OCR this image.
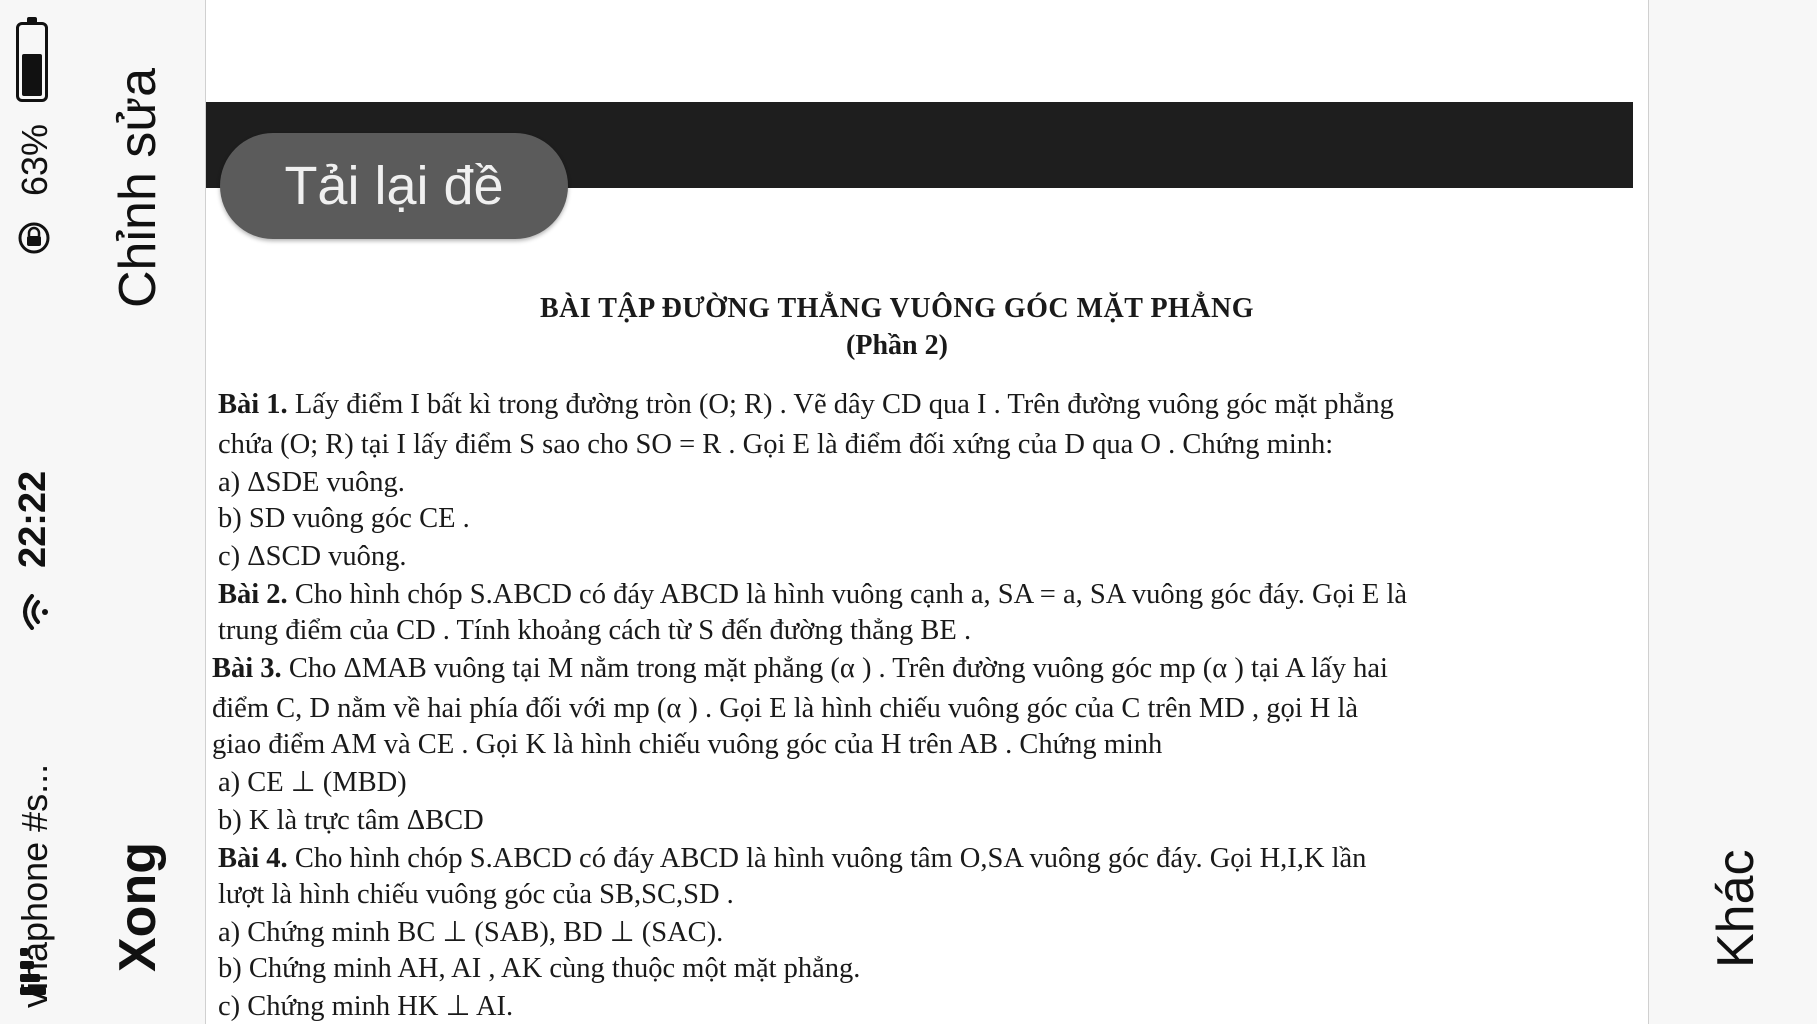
vinaphone #s...
22:22
63% Chỉnh sửa
Xong	Khác
Tải lại đề
BÀI TẬP ĐƯỜNG THẲNG VUÔNG GÓC MẶT PHẲNG
(Phần 2)
Bài 1. Lấy điểm I bất kì trong đường tròn (O; R) . Vẽ dây CD qua I . Trên đường vuông góc mặt phẳng
chứa (O; R) tại I lấy điểm S sao cho SO = R . Gọi E là điểm đối xứng của D qua O . Chứng minh:
a) ΔSDE vuông.
b) SD vuông góc CE .
c) ΔSCD vuông.
Bài 2. Cho hình chóp S.ABCD có đáy ABCD là hình vuông cạnh a, SA = a, SA vuông góc đáy. Gọi E là
trung điểm của CD . Tính khoảng cách từ S đến đường thẳng BE .
Bài 3. Cho ΔMAB vuông tại M nằm trong mặt phẳng (α ) . Trên đường vuông góc mp (α ) tại A lấy hai
điểm C, D nằm về hai phía đối với mp (α ) . Gọi E là hình chiếu vuông góc của C trên MD , gọi H là
giao điểm AM và CE . Gọi K là hình chiếu vuông góc của H trên AB . Chứng minh
a) CE ⊥ (MBD)
b) K là trực tâm ΔBCD
Bài 4. Cho hình chóp S.ABCD có đáy ABCD là hình vuông tâm O,SA vuông góc đáy. Gọi H,I,K lần
lượt là hình chiếu vuông góc của SB,SC,SD .
a) Chứng minh BC ⊥ (SAB), BD ⊥ (SAC).
b) Chứng minh AH, AI , AK cùng thuộc một mặt phẳng.
c) Chứng minh HK ⊥ AI.
